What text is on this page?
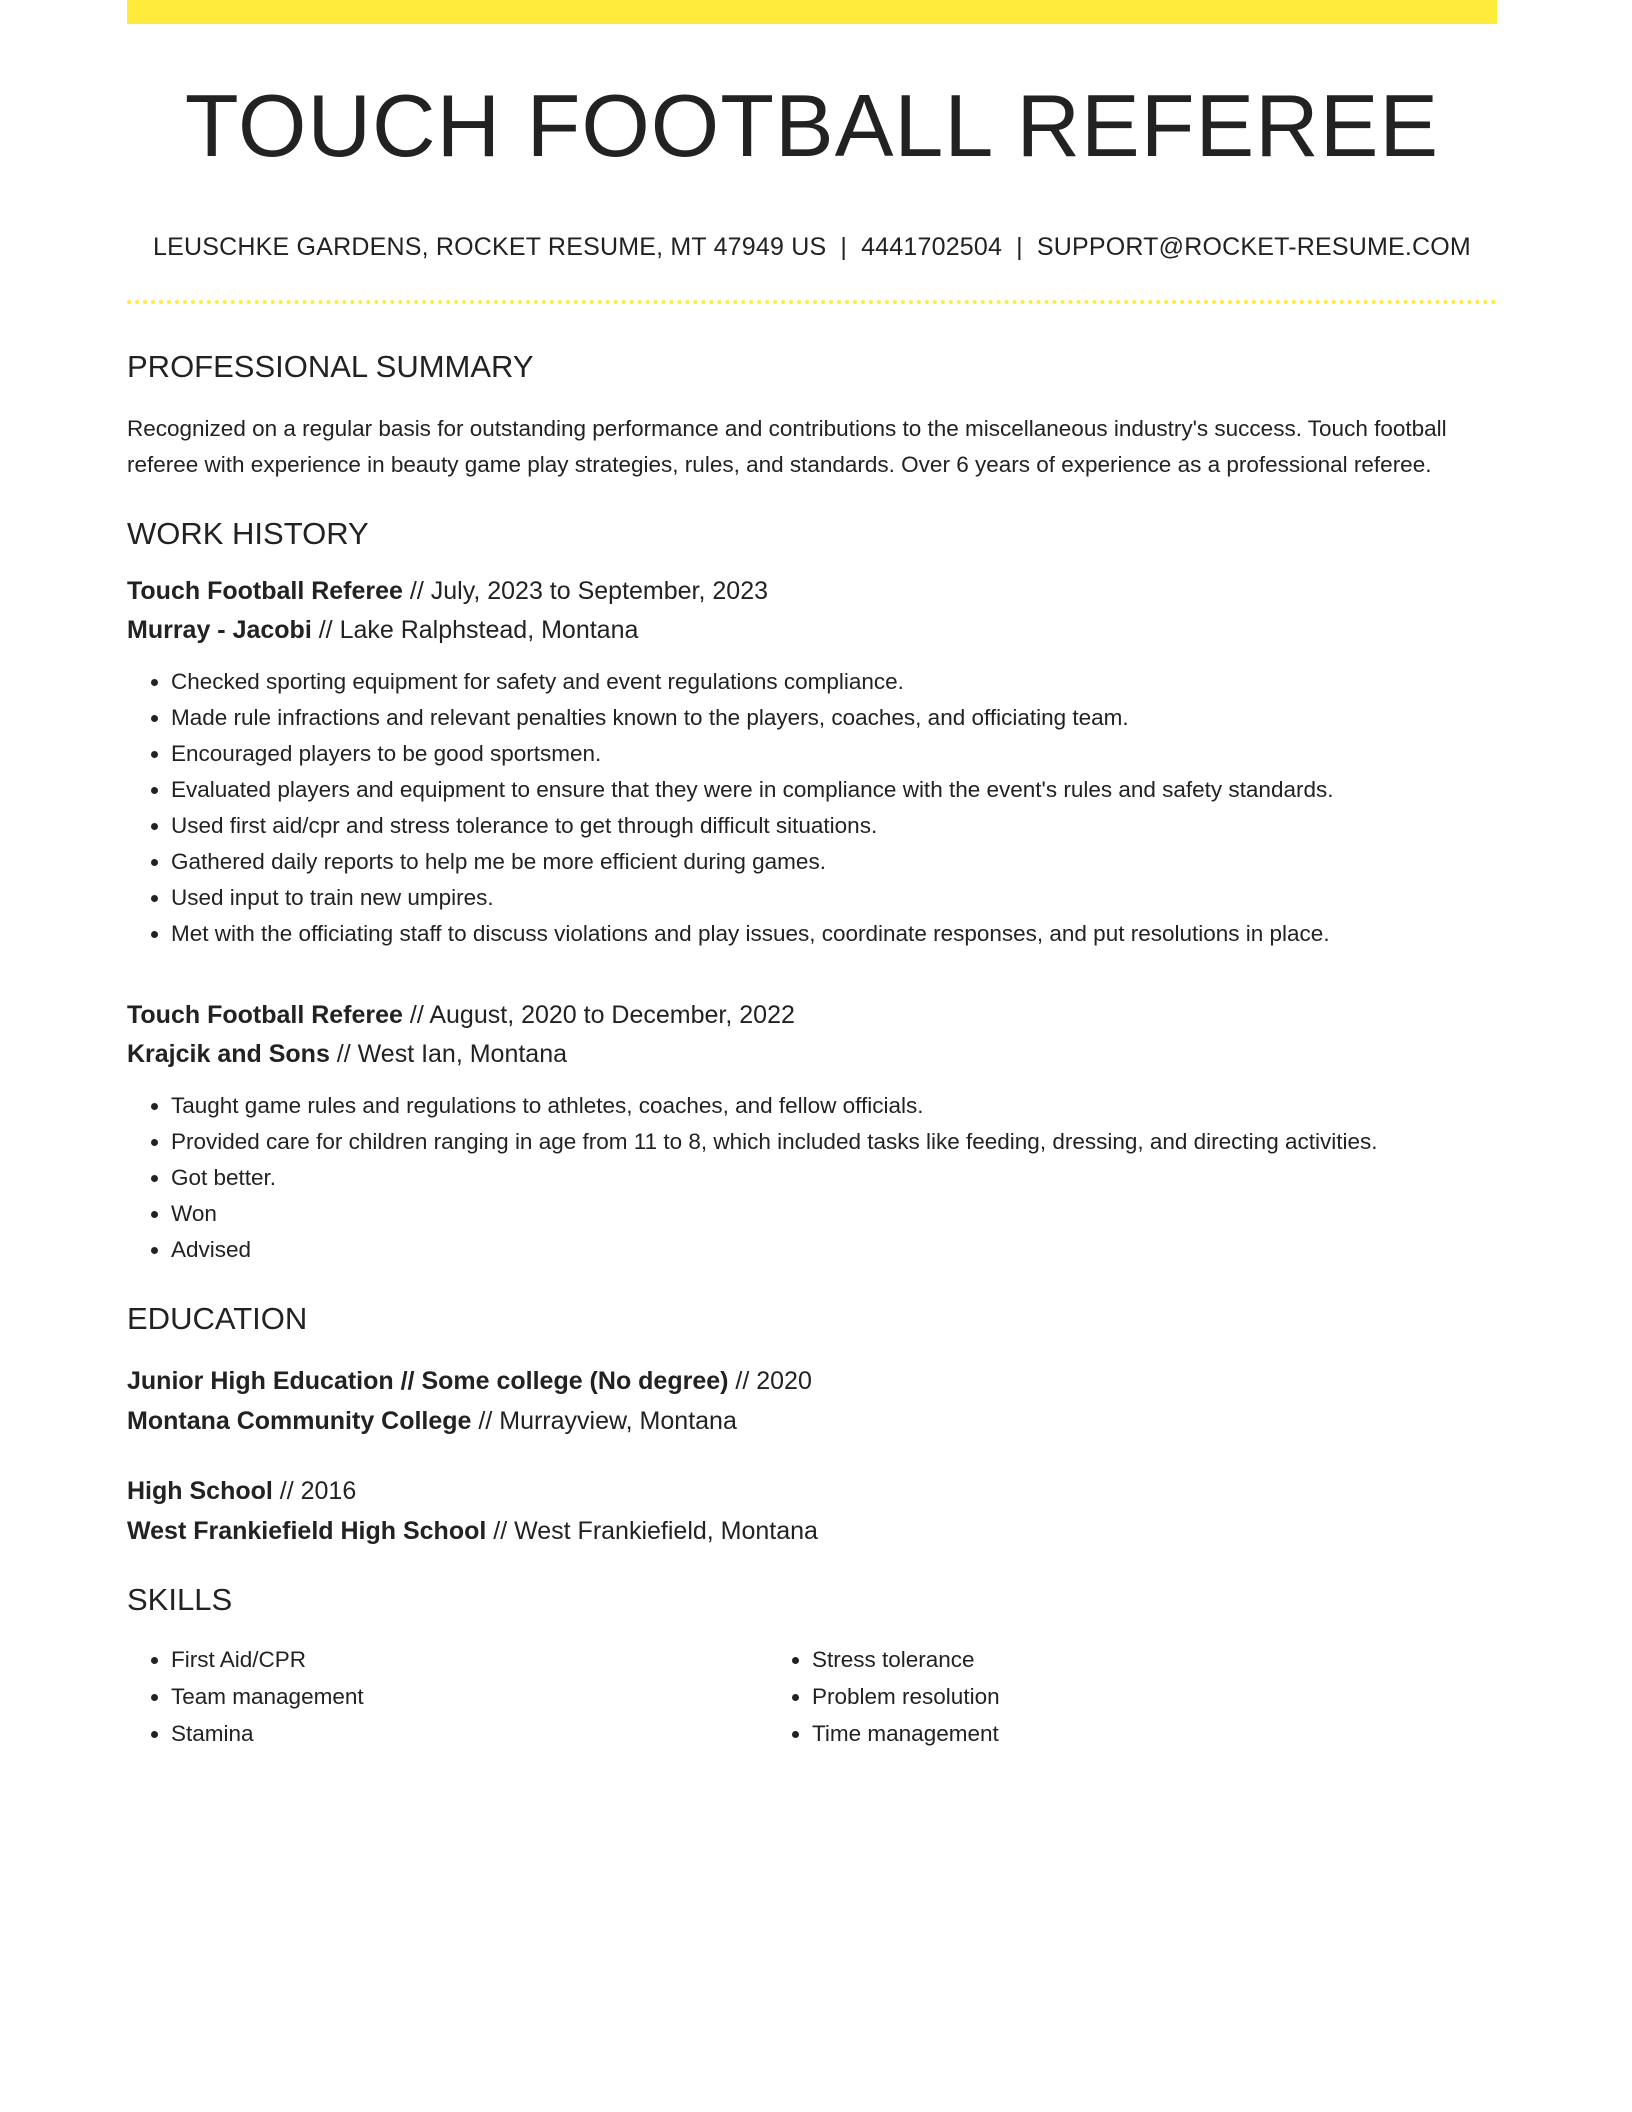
TOUCH FOOTBALL REFEREE
LEUSCHKE GARDENS, ROCKET RESUME, MT 47949 US | 4441702504 | SUPPORT@ROCKET-RESUME.COM
PROFESSIONAL SUMMARY
Recognized on a regular basis for outstanding performance and contributions to the miscellaneous industry's success. Touch football referee with experience in beauty game play strategies, rules, and standards. Over 6 years of experience as a professional referee.
WORK HISTORY
Touch Football Referee // July, 2023 to September, 2023
Murray - Jacobi // Lake Ralphstead, Montana
• Checked sporting equipment for safety and event regulations compliance.
• Made rule infractions and relevant penalties known to the players, coaches, and officiating team.
• Encouraged players to be good sportsmen.
• Evaluated players and equipment to ensure that they were in compliance with the event's rules and safety standards.
• Used first aid/cpr and stress tolerance to get through difficult situations.
• Gathered daily reports to help me be more efficient during games.
• Used input to train new umpires.
• Met with the officiating staff to discuss violations and play issues, coordinate responses, and put resolutions in place.
Touch Football Referee // August, 2020 to December, 2022
Krajcik and Sons // West Ian, Montana
• Taught game rules and regulations to athletes, coaches, and fellow officials.
• Provided care for children ranging in age from 11 to 8, which included tasks like feeding, dressing, and directing activities.
• Got better.
• Won
• Advised
EDUCATION
Junior High Education // Some college (No degree) // 2020
Montana Community College // Murrayview, Montana
High School // 2016
West Frankiefield High School // West Frankiefield, Montana
SKILLS
• First Aid/CPR
• Team management
• Stamina
• Stress tolerance
• Problem resolution
• Time management
